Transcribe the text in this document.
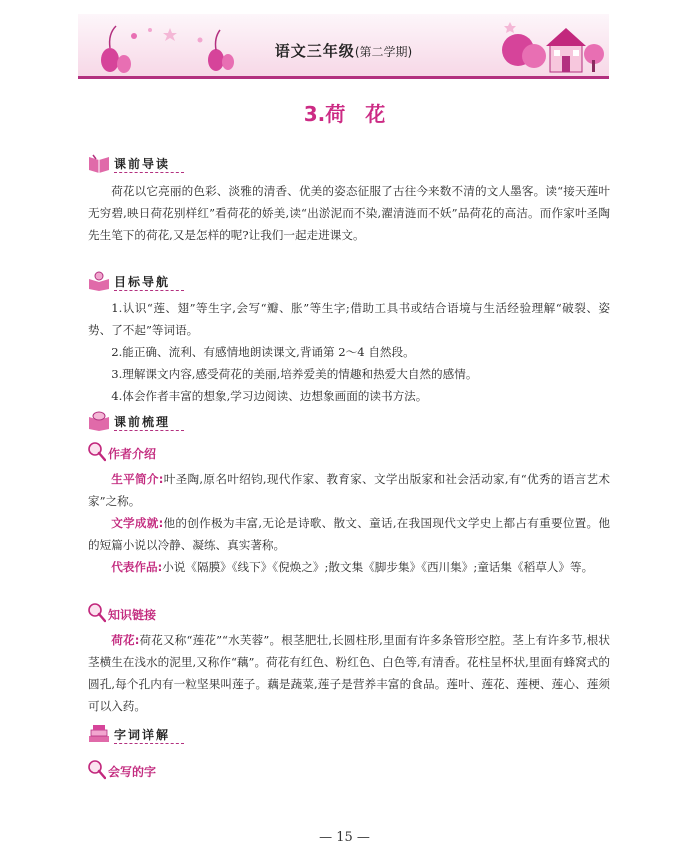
语文三年级(第二学期)
3.荷　花
课前导读

荷花以它亮丽的色彩、淡雅的清香、优美的姿态征服了古往今来数不清的文人墨客。读“接天莲叶无穷碧,映日荷花别样红”看荷花的娇美,读“出淤泥而不染,濯清涟而不妖”品荷花的高洁。而作家叶圣陶先生笔下的荷花,又是怎样的呢?让我们一起走进课文。

目标导航
1.认识“莲、翅”等生字,会写“瓣、胀”等生字;借助工具书或结合语境与生活经验理解“破裂、姿势、了不起”等词语。
2.能正确、流利、有感情地朗读课文,背诵第 2～4 自然段。
3.理解课文内容,感受荷花的美丽,培养爱美的情趣和热爱大自然的感情。
4.体会作者丰富的想象,学习边阅读、边想象画面的读书方法。
课前梳理
作者介绍

生平简介:叶圣陶,原名叶绍钧,现代作家、教育家、文学出版家和社会活动家,有“优秀的语言艺术家”之称。

文学成就:他的创作极为丰富,无论是诗歌、散文、童话,在我国现代文学史上都占有重要位置。他的短篇小说以冷静、凝练、真实著称。

代表作品:小说《隔膜》《线下》《倪焕之》;散文集《脚步集》《西川集》;童话集《稻草人》等。

知识链接

荷花:荷花又称“莲花”“水芙蓉”。根茎肥壮,长圆柱形,里面有许多条管形空腔。茎上有许多节,根状茎横生在浅水的泥里,又称作“藕”。荷花有红色、粉红色、白色等,有清香。花柱呈杯状,里面有蜂窝式的圆孔,每个孔内有一粒坚果叫莲子。藕是蔬菜,莲子是营养丰富的食品。莲叶、莲花、莲梗、莲心、莲须可以入药。

字词详解
会写的字
— 15 —
